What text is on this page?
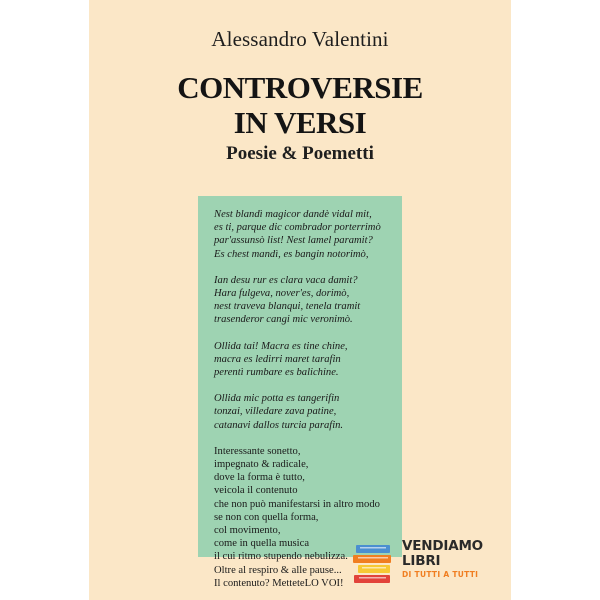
Alessandro Valentini
CONTROVERSIE
IN VERSI
Poesie & Poemetti
Nest blandì magicor dandè vidal mit,
es ti, parque dic combrador porterrimò
par'assunsò list! Nest lamel paramit?
Es chest mandì, es bangin notorimò,
Ian desu rur es clara vaca damit?
Hara fulgeva, nover'es, dorimò,
nest traveva blanqui, tenela tramit
trasenderor cangi mic veronimò.
Ollida tai! Macra es tine chine,
macra es ledirri maret tarafin
perentì rumbare es balichine.
Ollida mic potta es tangerifin
tonzai, villedare zava patine,
catanavi dallos turcia parafin.
Interessante sonetto,
impegnato & radicale,
dove la forma è tutto,
veicola il contenuto
che non può manifestarsi in altro modo
se non con quella forma,
col movimento,
come in quella musica
il cui ritmo stupendo nebulizza.
Oltre al respiro & alle pause...
Il contenuto? MetteteLO VOI!
VENDIAMO
LIBRI
DI TUTTI A TUTTI
